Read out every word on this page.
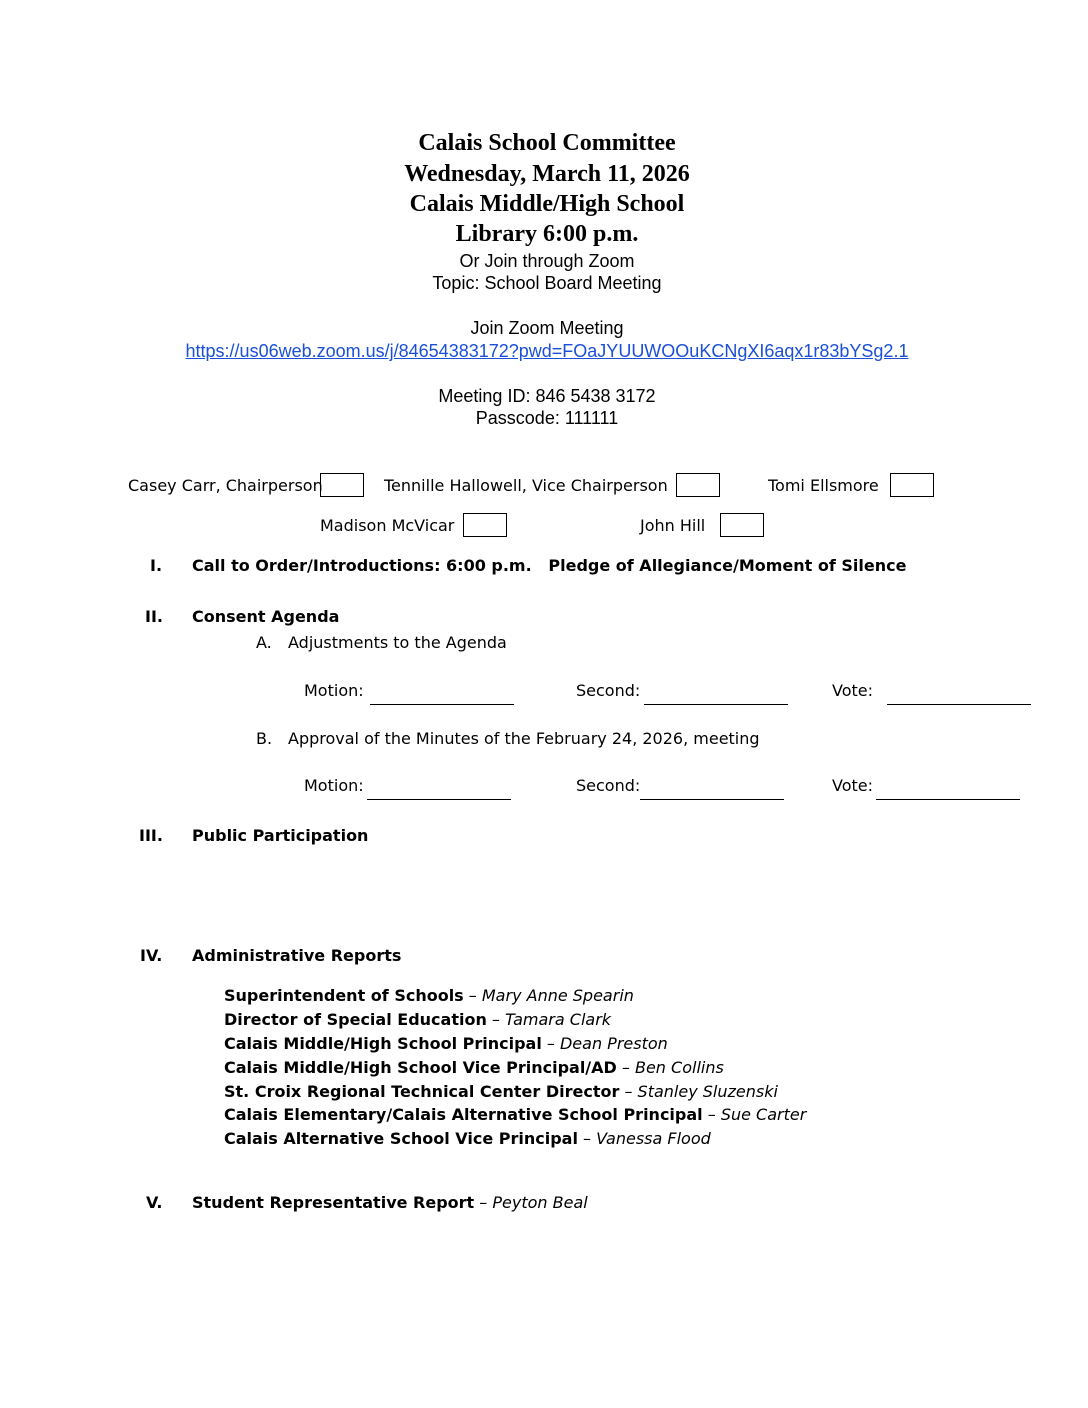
Calais School Committee
Wednesday, March 11, 2026
Calais Middle/High School
Library 6:00 p.m.
Or Join through Zoom
Topic: School Board Meeting
Join Zoom Meeting
https://us06web.zoom.us/j/84654383172?pwd=FOaJYUUWOOuKCNgXI6aqx1r83bYSg2.1
Meeting ID: 846 5438 3172
Passcode: 111111
Casey Carr, Chairperson	Tennille Hallowell, Vice Chairperson	Tomi Ellsmore
Madison McVicar	John Hill
I. Call to Order/Introductions: 6:00 p.m.   Pledge of Allegiance/Moment of Silence
II. Consent Agenda
A. Adjustments to the Agenda
Motion:	Second:	Vote:
B. Approval of the Minutes of the February 24, 2026, meeting
Motion:	Second:	Vote:
III. Public Participation
IV. Administrative Reports
Superintendent of Schools – Mary Anne Spearin
Director of Special Education – Tamara Clark
Calais Middle/High School Principal – Dean Preston
Calais Middle/High School Vice Principal/AD – Ben Collins
St. Croix Regional Technical Center Director – Stanley Sluzenski
Calais Elementary/Calais Alternative School Principal – Sue Carter
Calais Alternative School Vice Principal – Vanessa Flood
V. Student Representative Report – Peyton Beal
